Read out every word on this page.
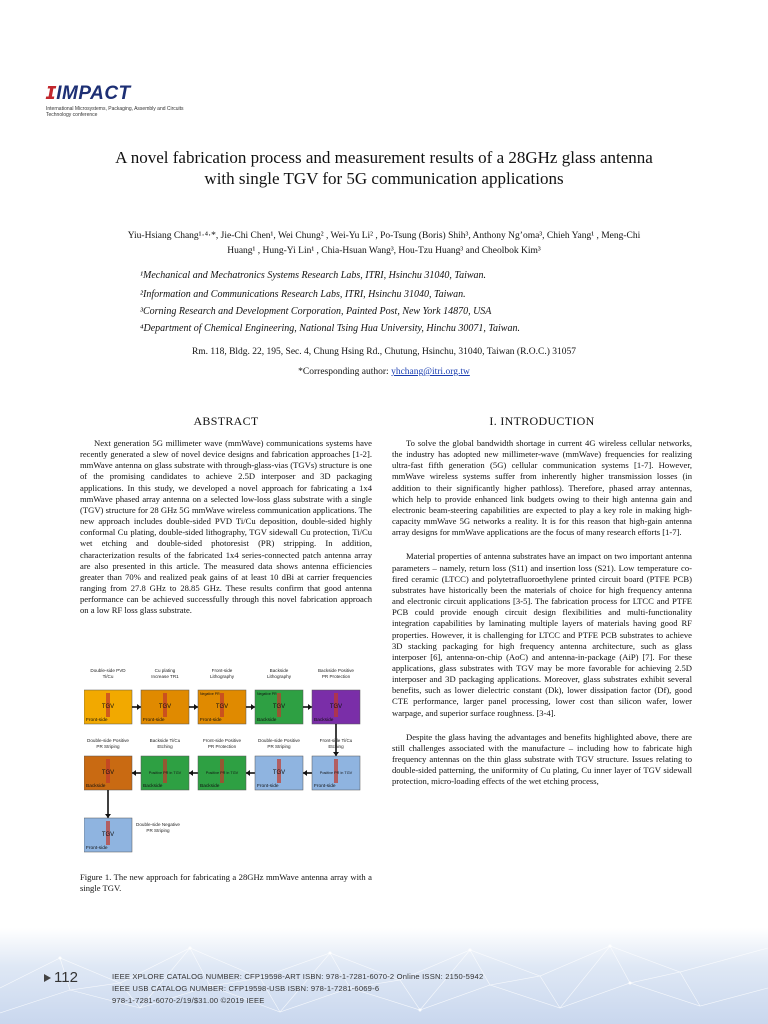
ɪIMPACT
International Microsystems, Packaging, Assembly and Circuits Technology conference
A novel fabrication process and measurement results of a 28GHz glass antenna
with single TGV for 5G communication applications
Yiu-Hsiang Chang¹·⁴·*, Jie-Chi Chen¹, Wei Chung² , Wei-Yu Li² , Po-Tsung (Boris) Shih³, Anthony Ng’oma³, Chieh Yang¹ , Meng-Chi
Huang¹ , Hung-Yi Lin¹ , Chia-Hsuan Wang³, Hou-Tzu Huang³ and Cheolbok Kim³
¹Mechanical and Mechatronics Systems Research Labs, ITRI, Hsinchu 31040, Taiwan.
²Information and Communications Research Labs, ITRI, Hsinchu 31040, Taiwan.
³Corning Research and Development Corporation, Painted Post, New York 14870, USA
⁴Department of Chemical Engineering, National Tsing Hua University, Hinchu 30071, Taiwan.
Rm. 118, Bldg. 22, 195, Sec. 4, Chung Hsing Rd., Chutung, Hsinchu, 31040, Taiwan (R.O.C.) 31057
*Corresponding author: yhchang@itri.org.tw
ABSTRACT	I. INTRODUCTION

Next generation 5G millimeter wave (mmWave) communications systems have recently generated a slew of novel device designs and fabrication approaches [1-2]. mmWave antenna on glass substrate with through-glass-vias (TGVs) structure is one of the promising candidates to achieve 2.5D interposer and 3D packaging applications. In this study, we developed a novel approach for fabricating a 1x4 mmWave phased array antenna on a selected low-loss glass substrate with a single (TGV) structure for 28 GHz 5G mmWave wireless communication applications. The new approach includes double-sided PVD Ti/Cu deposition, double-sided highly conformal Cu plating, double-sided lithography, TGV sidewall Cu protection, Ti/Cu wet etching and double-sided photoresist (PR) stripping. In addition, characterization results of the fabricated 1x4 series-connected patch antenna array are also presented in this article. The measured data shows antenna efficiencies greater than 70% and realized peak gains of at least 10 dBi at carrier frequencies ranging from 27.8 GHz to 28.85 GHz. These results confirm that good antenna performance can be achieved successfully through this novel fabrication approach on a low RF loss glass substrate.

Double-side PVD
Ti/Cu
TGV
Front-side
Cu plating
Increase TR1
TGV
Front-side
Front-side
Lithography
TGV
Front-side
Negative PR
Backside
Lithography
TGV
Backside
Negative PR
Backside Positive
PR Protection
TGV
Backside
Double-side Positive
PR Striping
TGV
Backside
Backside Ti/Cu
Etching
Positive PR in TGV
Backside
Front-side Positive
PR Protection
Positive PR in TGV
Backside
Double-side Positive
PR Striping
TGV
Front-side
Front-side Ti/Cu
Etching
Positive PR in TGV
Front-side
Double-side Negative
PR Striping
TGV
Front-side
Figure 1. The new approach for fabricating a 28GHz mmWave antenna array with a single TGV.

To solve the global bandwidth shortage in current 4G wireless cellular networks, the industry has adopted new millimeter-wave (mmWave) frequencies for realizing ultra-fast fifth generation (5G) cellular communication systems [1-7]. However, mmWave wireless systems suffer from inherently higher transmission losses (in addition to their significantly higher pathloss). Therefore, phased array antennas, which help to provide enhanced link budgets owing to their high antenna gain and electronic beam-steering capabilities are expected to play a key role in making high-capacity mmWave 5G networks a reality. It is for this reason that high-gain antenna array designs for mmWave applications are the focus of many research efforts [1-7].

Material properties of antenna substrates have an impact on two important antenna parameters – namely, return loss (S11) and insertion loss (S21). Low temperature co-fired ceramic (LTCC) and polytetrafluoroethylene printed circuit board (PTFE PCB) substrates have historically been the materials of choice for high frequency antenna and electronic circuit applications [3-5]. The fabrication process for LTCC and PTFE PCB could provide enough circuit design flexibilities and multi-functionality integration capabilities by laminating multiple layers of materials having good RF properties. However, it is challenging for LTCC and PTFE PCB substrates to achieve 3D stacking packaging for high frequency antenna architecture, such as glass interposer [6], antenna-on-chip (AoC) and antenna-in-package (AiP) [7]. For these applications, glass substrates with TGV may be more favorable for achieving 2.5D interposer and 3D packaging applications. Moreover, glass substrates exhibit several benefits, such as lower dielectric constant (Dk), lower dissipation factor (Df), good CTE performance, larger panel processing, lower cost than silicon wafer, lower warpage, and superior surface roughness. [3-4].

Despite the glass having the advantages and benefits highlighted above, there are still challenges associated with the manufacture – including how to fabricate high frequency antennas on the thin glass substrate with TGV structure. Issues relating to double-sided patterning, the uniformity of Cu plating, Cu inner layer of TGV sidewall protection, micro-loading effects of the wet etching process,

112	IEEE XPLORE CATALOG NUMBER: CFP19598-ART ISBN: 978-1-7281-6070-2 Online ISSN: 2150-5942
IEEE USB CATALOG NUMBER: CFP19598-USB ISBN: 978-1-7281-6069-6
978-1-7281-6070-2/19/$31.00 ©2019 IEEE
